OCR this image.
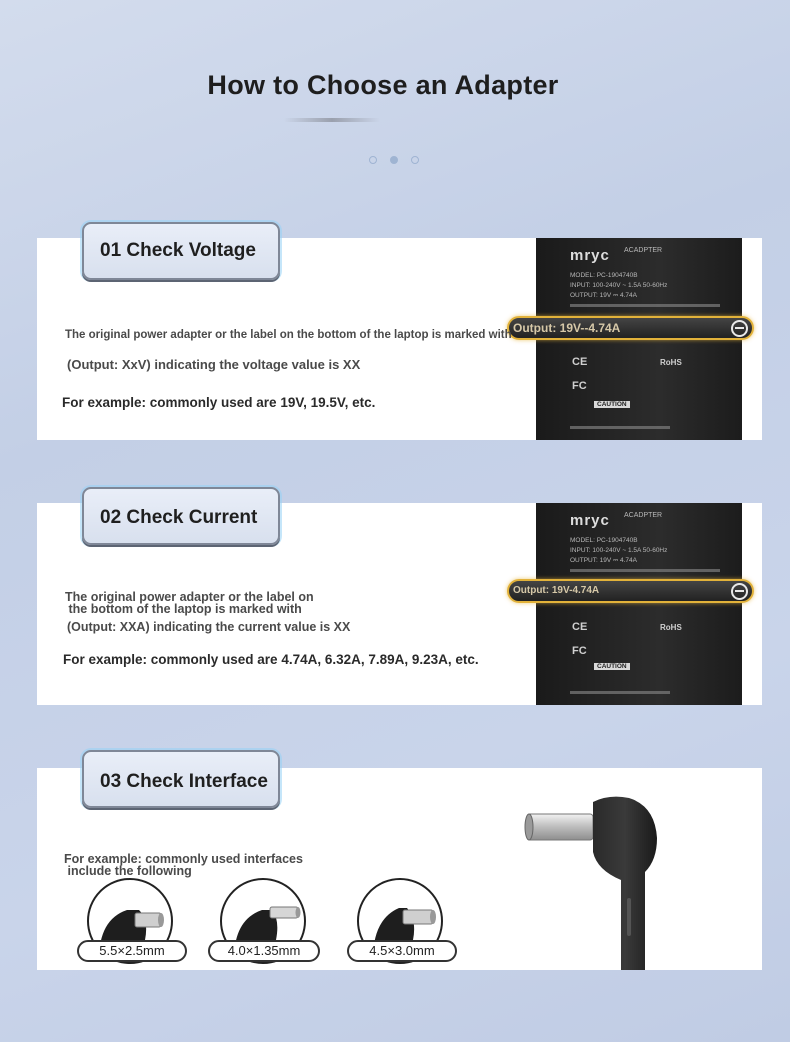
How to Choose an Adapter
mryc ACADPTER
MODEL: PC-1904740B
INPUT: 100-240V ~ 1.5A 50-60Hz
OUTPUT: 19V ⎓ 4.74A
CE
FC
RoHS
CAUTION
Output: 19V--4.74A
The original power adapter or the label on the bottom of the laptop is marked with
(Output: XxV) indicating the voltage value is XX
For example: commonly used are 19V, 19.5V, etc.
01 Check Voltage
mryc ACADPTER
MODEL: PC-1904740B
INPUT: 100-240V ~ 1.5A 50-60Hz
OUTPUT: 19V ⎓ 4.74A
CE
FC
RoHS
CAUTION
Output: 19V-4.74A
The original power adapter or the label on
the bottom of the laptop is marked with
(Output: XXA) indicating the current value is XX
For example: commonly used are 4.74A, 6.32A, 7.89A, 9.23A, etc.
02 Check Current
For example: commonly used interfaces
include the following
5.5×2.5mm	4.0×1.35mm	4.5×3.0mm
03 Check Interface
